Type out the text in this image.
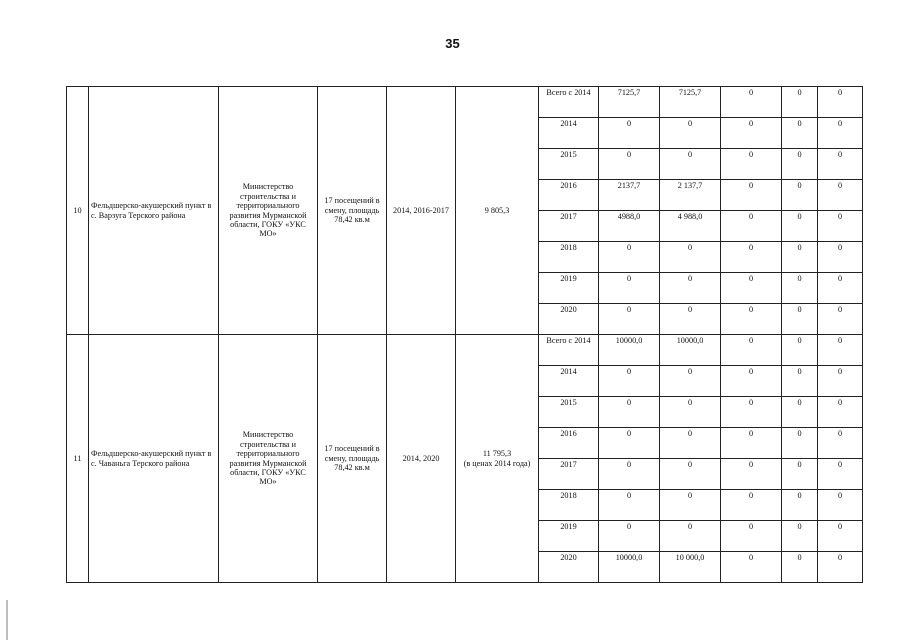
35
10	Фельдшерско-акушерский пункт в с. Варзуга Терского района	Министерство строительства и территориального развития Мурманской области, ГОКУ «УКС МО»	17 посещений в смену, площадь 78,42 кв.м	2014, 2016-2017	9 805,3	Всего с 2014	7125,7	7125,7	0	0	0
						2014	0	0	0	0	0
						2015	0	0	0	0	0
						2016	2137,7	2 137,7	0	0	0
						2017	4988,0	4 988,0	0	0	0
						2018	0	0	0	0	0
						2019	0	0	0	0	0
						2020	0	0	0	0	0
11	Фельдшерско-акушерский пункт в с. Чаваньга Терского района	Министерство строительства и территориального развития Мурманской области, ГОКУ «УКС МО»	17 посещений в смену, площадь 78,42 кв.м	2014, 2020	11 795,3
(в ценах 2014 года)	Всего с 2014	10000,0	10000,0	0	0	0
						2014	0	0	0	0	0
						2015	0	0	0	0	0
						2016	0	0	0	0	0
						2017	0	0	0	0	0
						2018	0	0	0	0	0
						2019	0	0	0	0	0
						2020	10000,0	10 000,0	0	0	0
